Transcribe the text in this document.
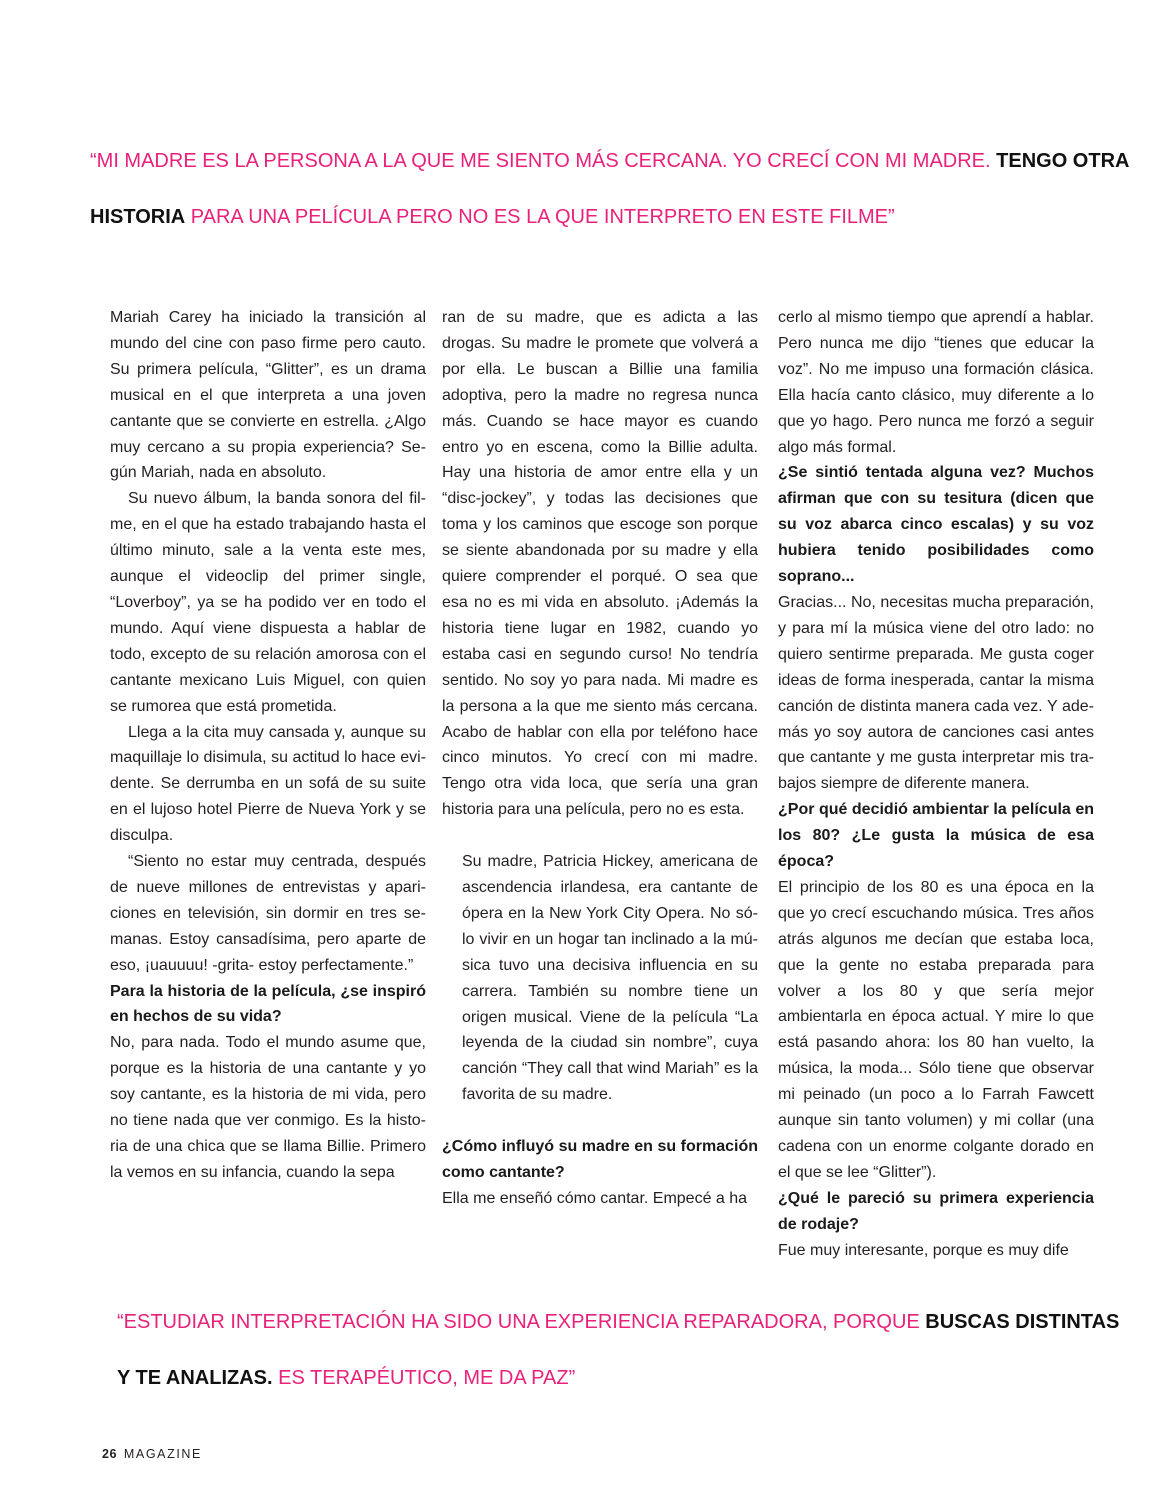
“MI MADRE ES LA PERSONA A LA QUE ME SIENTO MÁS CERCANA. YO CRECÍ CON MI MADRE. TENGO OTRA
HISTORIA PARA UNA PELÍCULA PERO NO ES LA QUE INTERPRETO EN ESTE FILME”

Mariah Carey ha iniciado la transición al mundo del cine con paso firme pero cauto. Su primera película, “Glitter”, es un drama musical en el que interpreta a una joven cantante que se convierte en estrella. ¿Algo muy cercano a su propia experiencia? Según Mariah, nada en absoluto.

Su nuevo álbum, la banda sonora del filme, en el que ha estado trabajando hasta el último minuto, sale a la venta este mes, aunque el videoclip del primer single, “Loverboy”, ya se ha podido ver en todo el mundo. Aquí viene dispuesta a hablar de todo, excepto de su relación amorosa con el cantante mexicano Luis Miguel, con quien se rumorea que está prometida.

Llega a la cita muy cansada y, aunque su maquillaje lo disimula, su actitud lo hace evidente. Se derrumba en un sofá de su suite en el lujoso hotel Pierre de Nueva York y se disculpa.

“Siento no estar muy centrada, después de nueve millones de entrevistas y apariciones en televisión, sin dormir en tres semanas. Estoy cansadísima, pero aparte de eso, ¡uauuuu! -grita- estoy perfectamente.”

Para la historia de la película, ¿se inspiró en hechos de su vida?

No, para nada. Todo el mundo asume que, porque es la historia de una cantante y yo soy cantante, es la historia de mi vida, pero no tiene nada que ver conmigo. Es la historia de una chica que se llama Billie. Primero la vemos en su infancia, cuando la sepa

ran de su madre, que es adicta a las drogas. Su madre le promete que volverá a por ella. Le buscan a Billie una familia adoptiva, pero la madre no regresa nunca más. Cuando se hace mayor es cuando entro yo en escena, como la Billie adulta. Hay una historia de amor entre ella y un “disc-jockey”, y todas las decisiones que toma y los caminos que escoge son porque se siente abandonada por su madre y ella quiere comprender el porqué. O sea que esa no es mi vida en absoluto. ¡Además la historia tiene lugar en 1982, cuando yo estaba casi en segundo curso! No tendría sentido. No soy yo para nada. Mi madre es la persona a la que me siento más cercana. Acabo de hablar con ella por teléfono hace cinco minutos. Yo crecí con mi madre. Tengo otra vida loca, que sería una gran historia para una película, pero no es esta.

Su madre, Patricia Hickey, americana de ascendencia irlandesa, era cantante de ópera en la New York City Opera. No sólo vivir en un hogar tan inclinado a la música tuvo una decisiva influencia en su carrera. También su nombre tiene un origen musical. Viene de la película “La leyenda de la ciudad sin nombre”, cuya canción “They call that wind Mariah” es la favorita de su madre.

¿Cómo influyó su madre en su formación como cantante?

Ella me enseñó cómo cantar. Empecé a ha

cerlo al mismo tiempo que aprendí a hablar. Pero nunca me dijo “tienes que educar la voz”. No me impuso una formación clásica. Ella hacía canto clásico, muy diferente a lo que yo hago. Pero nunca me forzó a seguir algo más formal.

¿Se sintió tentada alguna vez? Muchos afirman que con su tesitura (dicen que su voz abarca cinco escalas) y su voz hubiera tenido posibilidades como soprano...

Gracias... No, necesitas mucha preparación, y para mí la música viene del otro lado: no quiero sentirme preparada. Me gusta coger ideas de forma inesperada, cantar la misma canción de distinta manera cada vez. Y además yo soy autora de canciones casi antes que cantante y me gusta interpretar mis trabajos siempre de diferente manera.

¿Por qué decidió ambientar la película en los 80? ¿Le gusta la música de esa época?

El principio de los 80 es una época en la que yo crecí escuchando música. Tres años atrás algunos me decían que estaba loca, que la gente no estaba preparada para volver a los 80 y que sería mejor ambientarla en época actual. Y mire lo que está pasando ahora: los 80 han vuelto, la música, la moda... Sólo tiene que observar mi peinado (un poco a lo Farrah Fawcett aunque sin tanto volumen) y mi collar (una cadena con un enorme colgante dorado en el que se lee “Glitter”).

¿Qué le pareció su primera experiencia de rodaje?

Fue muy interesante, porque es muy dife

“ESTUDIAR INTERPRETACIÓN HA SIDO UNA EXPERIENCIA REPARADORA, PORQUE BUSCAS DISTINTAS
Y TE ANALIZAS. ES TERAPÉUTICO, ME DA PAZ”
26 MAGAZINE
